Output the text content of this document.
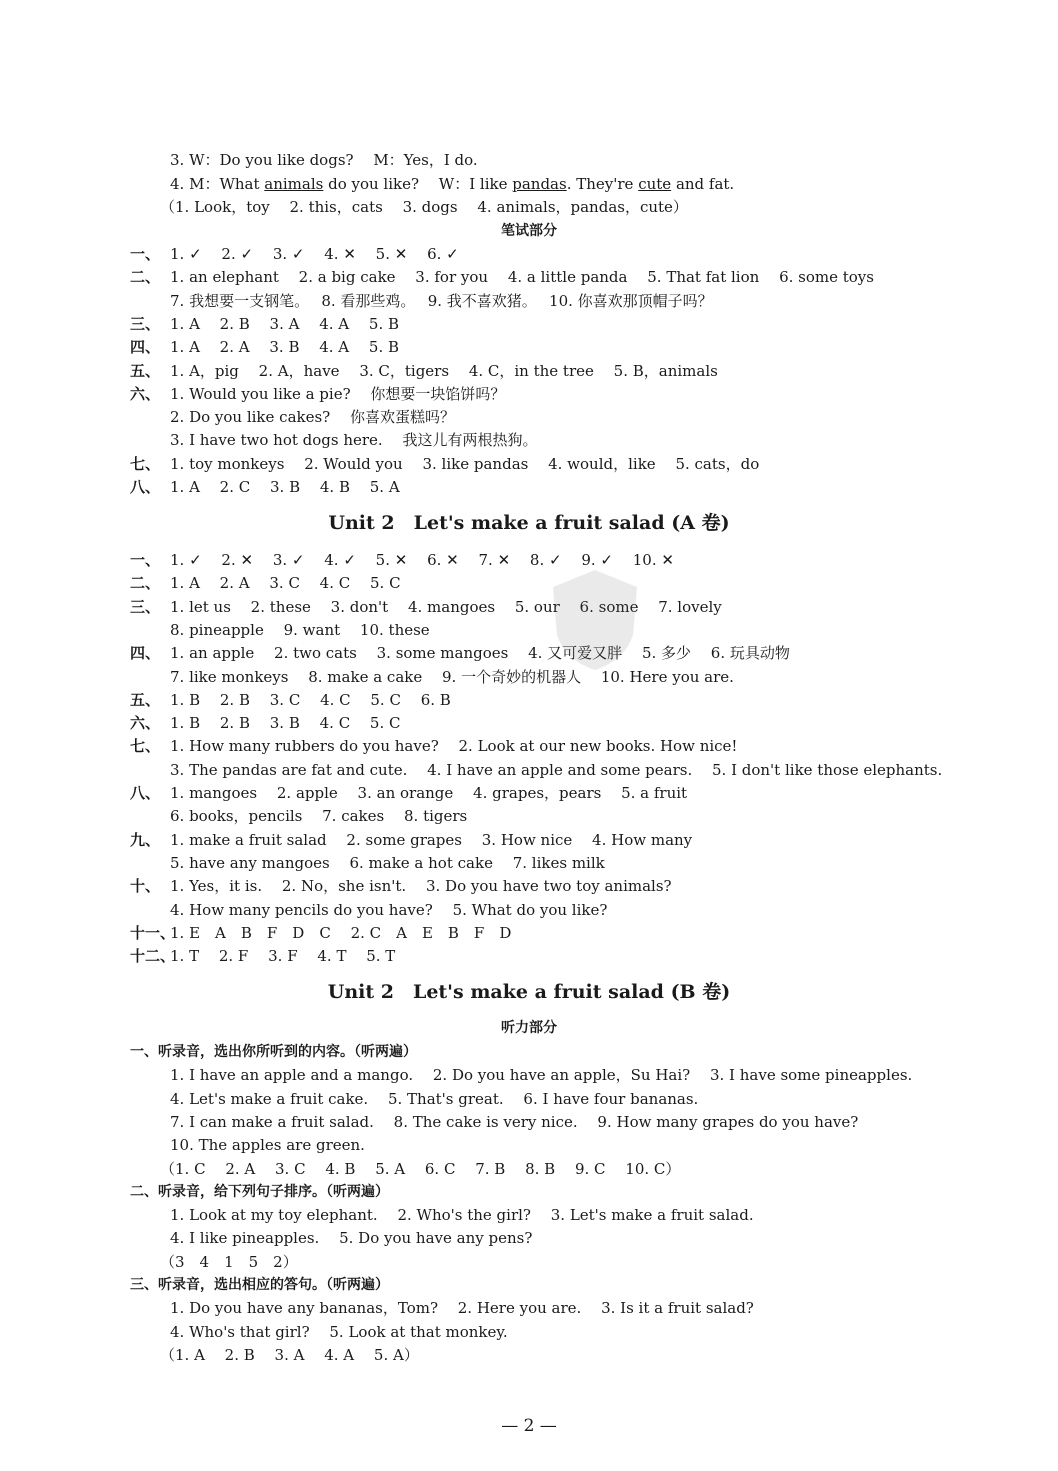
3. W：Do you like dogs?　 M：Yes，I do.
4. M：What animals do you like?　 W：I like pandas. They're cute and fat.
（1. Look，toy　 2. this，cats　 3. dogs　 4. animals，pandas，cute）
笔试部分
一、 1. ✓　 2. ✓　 3. ✓　 4. ✕　 5. ✕　 6. ✓
二、 1. an elephant　 2. a big cake　 3. for you　 4. a little panda　 5. That fat lion　 6. some toys
7. 我想要一支钢笔。　 8. 看那些鸡。　 9. 我不喜欢猪。　 10. 你喜欢那顶帽子吗？
三、 1. A　 2. B　 3. A　 4. A　 5. B
四、 1. A　 2. A　 3. B　 4. A　 5. B
五、 1. A，pig　 2. A，have　 3. C，tigers　 4. C，in the tree　 5. B，animals
六、 1. Would you like a pie?　 你想要一块馅饼吗？
2. Do you like cakes?　 你喜欢蛋糕吗？
3. I have two hot dogs here.　 我这儿有两根热狗。
七、 1. toy monkeys　 2. Would you　 3. like pandas　 4. would，like　 5. cats，do
八、 1. A　 2. C　 3. B　 4. B　 5. A
Unit 2　Let's make a fruit salad (A 卷)
一、 1. ✓　 2. ✕　 3. ✓　 4. ✓　 5. ✕　 6. ✕　 7. ✕　 8. ✓　 9. ✓　 10. ✕
二、 1. A　 2. A　 3. C　 4. C　 5. C
三、 1. let us　 2. these　 3. don't　 4. mangoes　 5. our　 6. some　 7. lovely
8. pineapple　 9. want　 10. these
四、 1. an apple　 2. two cats　 3. some mangoes　 4. 又可爱又胖　 5. 多少　 6. 玩具动物
7. like monkeys　 8. make a cake　 9. 一个奇妙的机器人　 10. Here you are.
五、 1. B　 2. B　 3. C　 4. C　 5. C　 6. B
六、 1. B　 2. B　 3. B　 4. C　 5. C
七、 1. How many rubbers do you have?　 2. Look at our new books. How nice!
3. The pandas are fat and cute.　 4. I have an apple and some pears.　 5. I don't like those elephants.
八、 1. mangoes　 2. apple　 3. an orange　 4. grapes，pears　 5. a fruit
6. books，pencils　 7. cakes　 8. tigers
九、 1. make a fruit salad　 2. some grapes　 3. How nice　 4. How many
5. have any mangoes　 6. make a hot cake　 7. likes milk
十、 1. Yes，it is.　 2. No，she isn't.　 3. Do you have two toy animals?
4. How many pencils do you have?　 5. What do you like?
十一、
1. E　A　B　F　D　C　 2. C　A　E　B　F　D
十二、
1. T　 2. F　 3. F　 4. T　 5. T
Unit 2　Let's make a fruit salad (B 卷)
听力部分
一、听录音，选出你所听到的内容。（听两遍）
1. I have an apple and a mango.　 2. Do you have an apple，Su Hai?　 3. I have some pineapples.
4. Let's make a fruit cake.　 5. That's great.　 6. I have four bananas.
7. I can make a fruit salad.　 8. The cake is very nice.　 9. How many grapes do you have?
10. The apples are green.
（1. C　 2. A　 3. C　 4. B　 5. A　 6. C　 7. B　 8. B　 9. C　 10. C）
二、听录音，给下列句子排序。（听两遍）
1. Look at my toy elephant.　 2. Who's the girl?　 3. Let's make a fruit salad.
4. I like pineapples.　 5. Do you have any pens?
（3　4　1　5　2）
三、听录音，选出相应的答句。（听两遍）
1. Do you have any bananas，Tom?　 2. Here you are.　 3. Is it a fruit salad?
4. Who's that girl?　 5. Look at that monkey.
（1. A　 2. B　 3. A　 4. A　 5. A）
— 2 —
